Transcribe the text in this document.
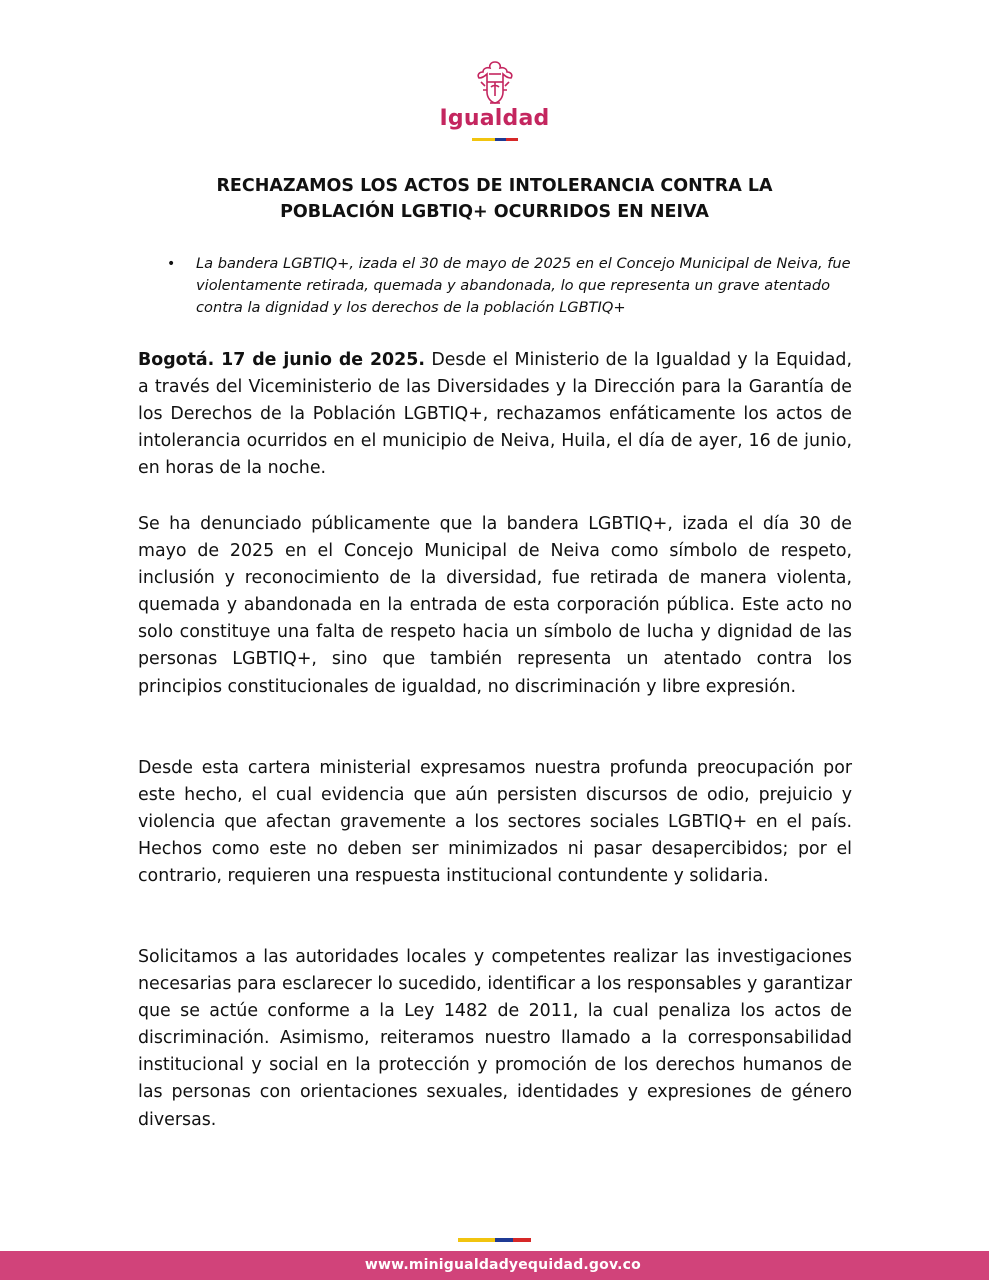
Igualdad
RECHAZAMOS LOS ACTOS DE INTOLERANCIA CONTRA LA
POBLACIÓN LGBTIQ+ OCURRIDOS EN NEIVA
•	La bandera LGBTIQ+, izada el 30 de mayo de 2025 en el Concejo Municipal de Neiva, fue violentamente retirada, quemada y abandonada, lo que representa un grave atentado contra la dignidad y los derechos de la población LGBTIQ+

Bogotá. 17 de junio de 2025. Desde el Ministerio de la Igualdad y la Equidad, a través del Viceministerio de las Diversidades y la Dirección para la Garantía de los Derechos de la Población LGBTIQ+, rechazamos enfáticamente los actos de intolerancia ocurridos en el municipio de Neiva, Huila, el día de ayer, 16 de junio, en horas de la noche.

Se ha denunciado públicamente que la bandera LGBTIQ+, izada el día 30 de mayo de 2025 en el Concejo Municipal de Neiva como símbolo de respeto, inclusión y reconocimiento de la diversidad, fue retirada de manera violenta, quemada y abandonada en la entrada de esta corporación pública. Este acto no solo constituye una falta de respeto hacia un símbolo de lucha y dignidad de las personas LGBTIQ+, sino que también representa un atentado contra los principios constitucionales de igualdad, no discriminación y libre expresión.

Desde esta cartera ministerial expresamos nuestra profunda preocupación por este hecho, el cual evidencia que aún persisten discursos de odio, prejuicio y violencia que afectan gravemente a los sectores sociales LGBTIQ+ en el país. Hechos como este no deben ser minimizados ni pasar desapercibidos; por el contrario, requieren una respuesta institucional contundente y solidaria.

Solicitamos a las autoridades locales y competentes realizar las investigaciones necesarias para esclarecer lo sucedido, identificar a los responsables y garantizar que se actúe conforme a la Ley 1482 de 2011, la cual penaliza los actos de discriminación. Asimismo, reiteramos nuestro llamado a la corresponsabilidad institucional y social en la protección y promoción de los derechos humanos de las personas con orientaciones sexuales, identidades y expresiones de género diversas.

www.minigualdadyequidad.gov.co
